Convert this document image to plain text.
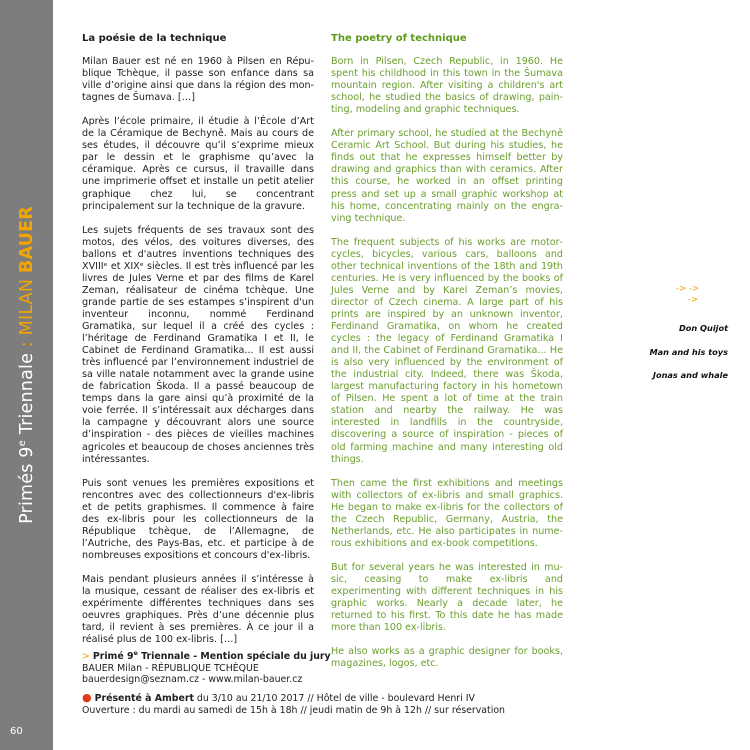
Primés 9e Triennale : MILAN BAUER
60
La poésie de la technique

Milan Bauer est né en 1960 à Pilsen en République Tchèque, il passe son enfance dans sa ville d’origine ainsi que dans la région des montagnes de Šumava. […]

Après l’école primaire, il étudie à l’École d’Art de la Céramique de Bechyně. Mais au cours de ses études, il découvre qu’il s’exprime mieux par le dessin et le graphisme qu’avec la céramique. Après ce cursus, il travaille dans une imprimerie offset et installe un petit atelier graphique chez lui, se concentrant principalement sur la technique de la gravure.

Les sujets fréquents de ses travaux sont des motos, des vélos, des voitures diverses, des ballons et d'autres inventions techniques des XVIIIᵉ et XIXᵉ siècles. Il est très influencé par les livres de Jules Verne et par des films de Karel Zeman, réalisateur de cinéma tchèque. Une grande partie de ses estampes s’inspirent d'un inventeur inconnu, nommé Ferdinand Gramatika, sur lequel il a créé des cycles : l’héritage de Ferdinand Gramatika I et II, le Cabinet de Ferdinand Gramatika... Il est aussi très influencé par l’environnement industriel de sa ville natale notamment avec la grande usine de fabrication Škoda. Il a passé beaucoup de temps dans la gare ainsi qu’à proximité de la voie ferrée. Il s’intéressait aux décharges dans la campagne y découvrant alors une source d’inspiration - des pièces de vieilles machines agricoles et beaucoup de choses anciennes très intéressantes.

Puis sont venues les premières expositions et rencontres avec des collectionneurs d'ex-libris et de petits graphismes. Il commence à faire des ex-libris pour les collectionneurs de la République tchèque, de l’Allemagne, de l’Autriche, des Pays-Bas, etc. et participe à de nombreuses expositions et concours d'ex-libris.

Mais pendant plusieurs années il s’intéresse à la musique, cessant de réaliser des ex-libris et expérimente différentes techniques dans ses oeuvres graphiques. Près d’une décennie plus tard, il revient à ses premières. À ce jour il a réalisé plus de 100 ex-libris. […]

The poetry of technique

Born in Pilsen, Czech Republic, in 1960. He spent his childhood in this town in the Šumava mountain region. After visiting a children's art school, he studied the basics of drawing, painting, modeling and graphic techniques.

After primary school, he studied at the Bechyně Ceramic Art School. But during his studies, he finds out that he expresses himself better by drawing and graphics than with ceramics. After this course, he worked in an offset printing press and set up a small graphic workshop at his home, concentrating mainly on the engraving technique.

The frequent subjects of his works are motorcycles, bicycles, various cars, balloons and other technical inventions of the 18th and 19th centuries. He is very influenced by the books of Jules Verne and by Karel Zeman’s movies, director of Czech cinema. A large part of his prints are inspired by an unknown inventor, Ferdinand Gramatika, on whom he created cycles : the legacy of Ferdinand Gramatika I and II, the Cabinet of Ferdinand Gramatika... He is also very influenced by the environment of the industrial city. Indeed, there was Škoda, largest manufacturing factory in his hometown of Pilsen. He spent a lot of time at the train station and nearby the railway. He was interested in landfills in the countryside, discovering a source of inspiration - pieces of old farming machine and many interesting old things.

Then came the first exhibitions and meetings with collectors of ex-libris and small graphics. He began to make ex-libris for the collectors of the Czech Republic, Germany, Austria, the Netherlands, etc. He also participates in numerous exhibitions and ex-book competitions.

But for several years he was interested in music, ceasing to make ex-libris and experimenting with different techniques in his graphic works. Nearly a decade later, he returned to his first. To this date he has made more than 100 ex-libris.

He also works as a graphic designer for books, magazines, logos, etc.

-> ->
->
Don Quijot
Man and his toys
Jonas and whale
> Primé 9e Triennale - Mention spéciale du jury
BAUER Milan - RÉPUBLIQUE TCHÈQUE
bauerdesign@seznam.cz - www.milan-bauer.cz
● Présenté à Ambert du 3/10 au 21/10 2017 // Hôtel de ville - boulevard Henri IV
Ouverture : du mardi au samedi de 15h à 18h // jeudi matin de 9h à 12h // sur réservation
